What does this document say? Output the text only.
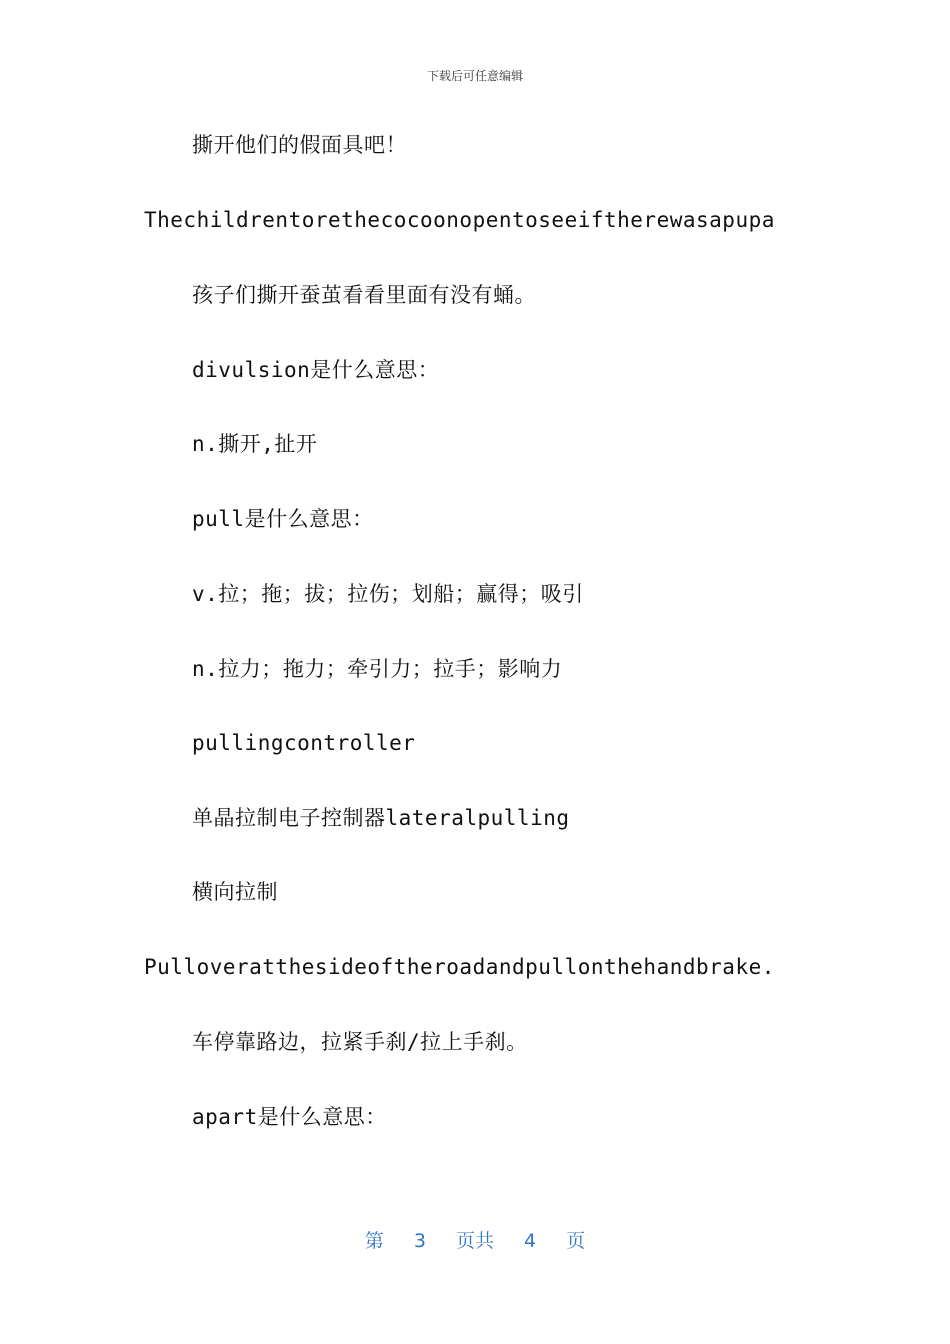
下载后可任意编辑
撕开他们的假面具吧！
Thechildrentorethecocoonopentoseeiftherewasapupa
孩子们撕开蚕茧看看里面有没有蛹。
divulsion是什么意思：
n.撕开,扯开
pull是什么意思：
v.拉；拖；拔；拉伤；划船；赢得；吸引
n.拉力；拖力；牵引力；拉手；影响力
pullingcontroller
单晶拉制电子控制器lateralpulling
横向拉制
Pulloveratthesideoftheroadandpullonthehandbrake.
车停靠路边，拉紧手刹/拉上手刹。
apart是什么意思：
第 3 页共 4 页
